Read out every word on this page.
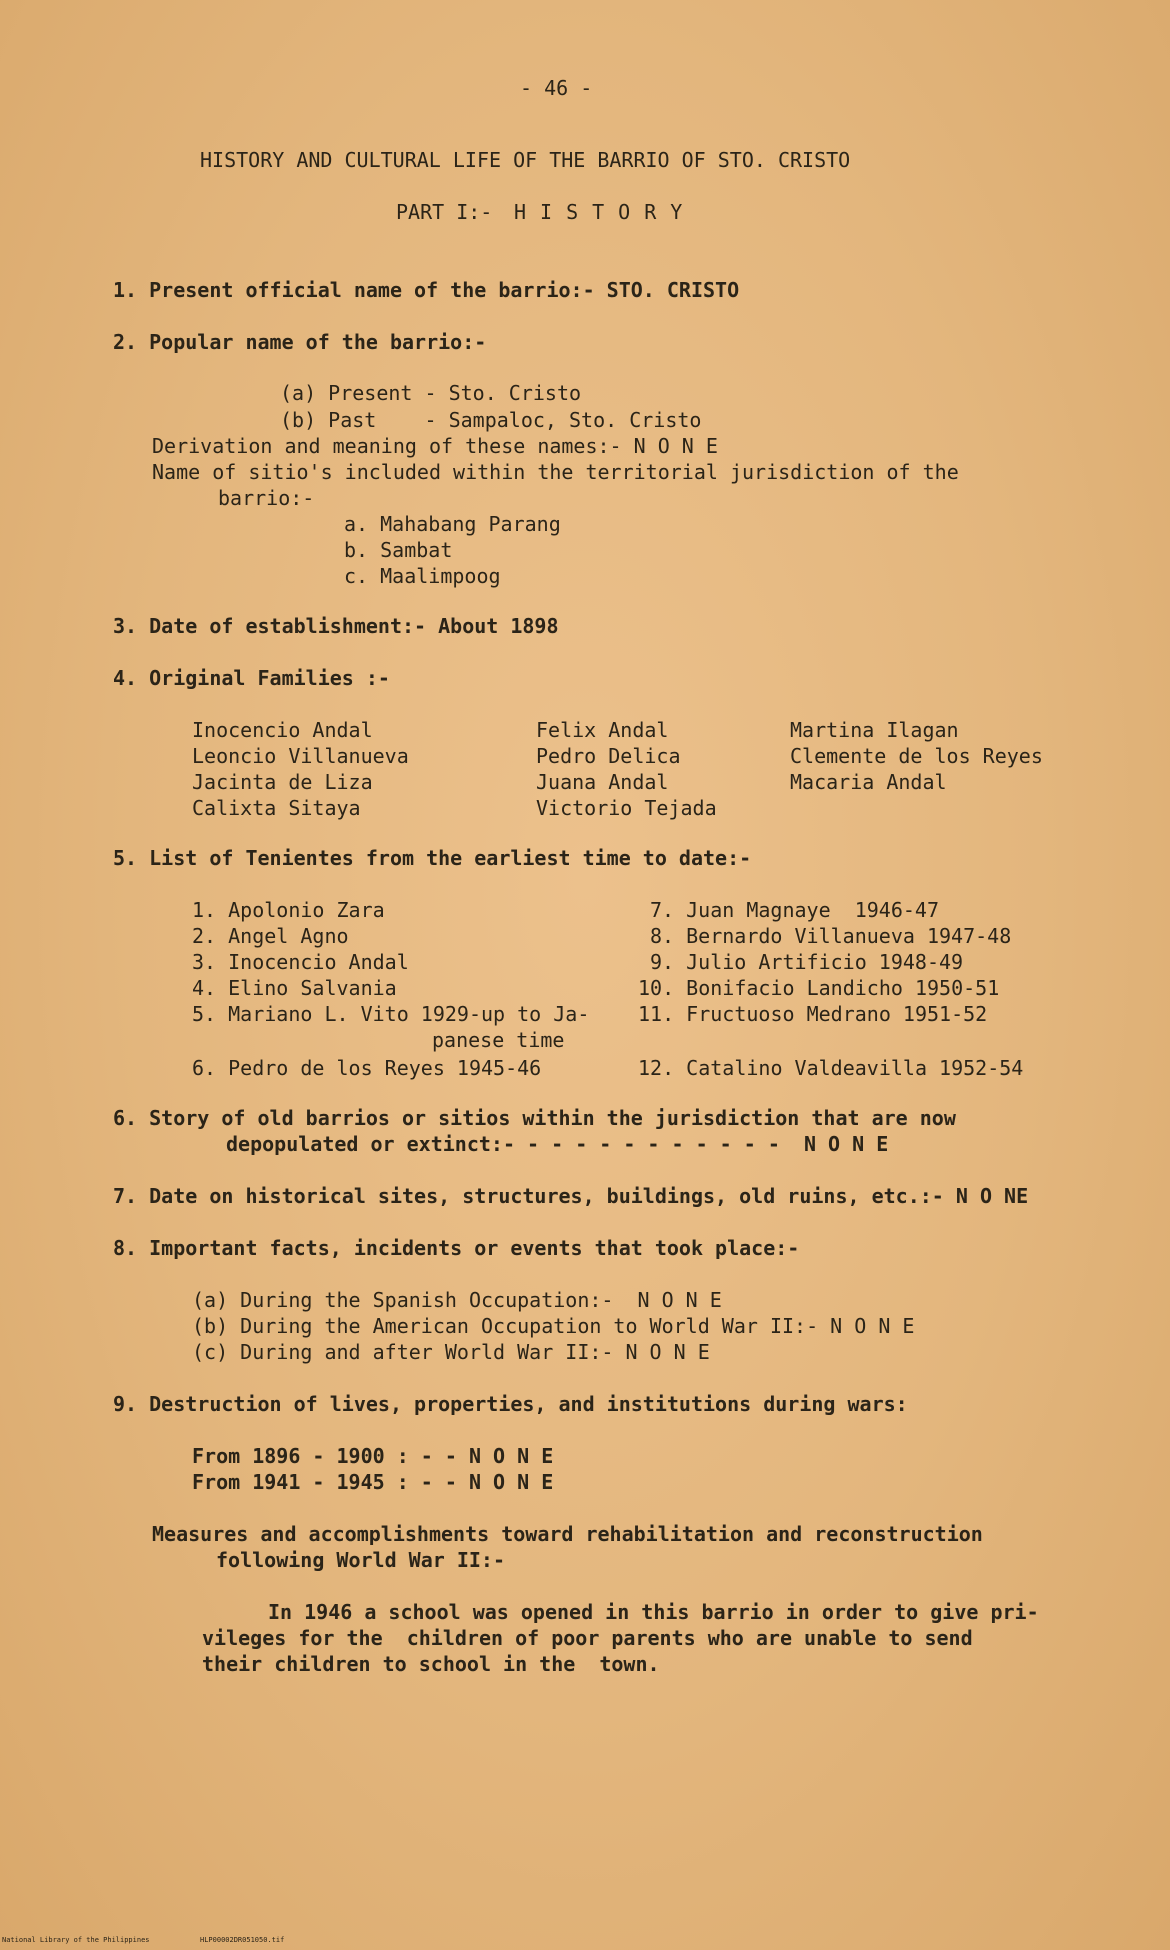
- 46 -
HISTORY AND CULTURAL LIFE OF THE BARRIO OF STO. CRISTO
PART I:- HISTORY
1. Present official name of the barrio:- STO. CRISTO
2. Popular name of the barrio:-
(a) Present - Sto. Cristo
(b) Past    - Sampaloc, Sto. Cristo
Derivation and meaning of these names:- N O N E
Name of sitio's included within the territorial jurisdiction of the
barrio:-
a. Mahabang Parang
b. Sambat
c. Maalimpoog
3. Date of establishment:- About 1898
4. Original Families :-
Inocencio Andal
Leoncio Villanueva
Jacinta de Liza
Calixta Sitaya
Felix Andal
Pedro Delica
Juana Andal
Victorio Tejada
Martina Ilagan
Clemente de los Reyes
Macaria Andal
5. List of Tenientes from the earliest time to date:-
1. Apolonio Zara
2. Angel Agno
3. Inocencio Andal
4. Elino Salvania
5. Mariano L. Vito 1929-up to Ja-
panese time
6. Pedro de los Reyes 1945-46
7. Juan Magnaye  1946-47
8. Bernardo Villanueva 1947-48
9. Julio Artificio 1948-49
10. Bonifacio Landicho 1950-51
11. Fructuoso Medrano 1951-52
12. Catalino Valdeavilla 1952-54
6. Story of old barrios or sitios within the jurisdiction that are now
depopulated or extinct:- - - - - - - - - - - -  N O N E
7. Date on historical sites, structures, buildings, old ruins, etc.:- N O NE
8. Important facts, incidents or events that took place:-
(a) During the Spanish Occupation:-  N O N E
(b) During the American Occupation to World War II:- N O N E
(c) During and after World War II:- N O N E
9. Destruction of lives, properties, and institutions during wars:
From 1896 - 1900 : - - N O N E
From 1941 - 1945 : - - N O N E
Measures and accomplishments toward rehabilitation and reconstruction
following World War II:-
In 1946 a school was opened in this barrio in order to give pri-
vileges for the  children of poor parents who are unable to send
their children to school in the  town.
National Library of the Philippines	HLP00002DR051050.tif
